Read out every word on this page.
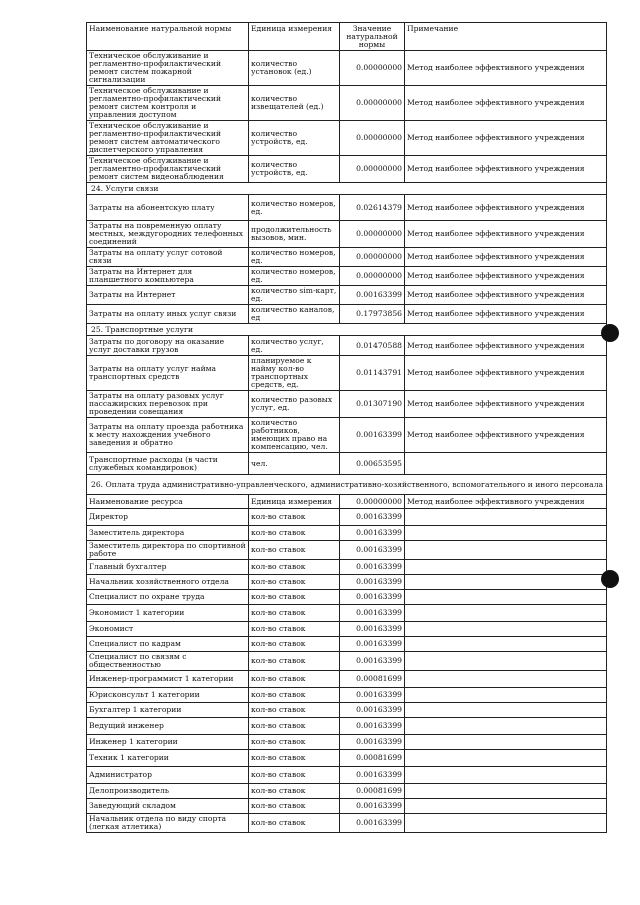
Наименование натуральной нормы	Единица измерения	Значение натуральной нормы	Примечание
Техническое обслуживание и регламентно-профилактический ремонт систем пожарной сигнализации	количество установок (ед.)	0.00000000	Метод наиболее эффективного учреждения
Техническое обслуживание и регламентно-профилактический ремонт систем контроля и управления доступом	количество извещателей (ед.)	0.00000000	Метод наиболее эффективного учреждения
Техническое обслуживание и регламентно-профилактический ремонт систем автоматического диспетчерского управления	количество устройств, ед.	0.00000000	Метод наиболее эффективного учреждения
Техническое обслуживание и регламентно-профилактический ремонт систем видеонаблюдения	количество устройств, ед.	0.00000000	Метод наиболее эффективного учреждения
24. Услуги связи			
Затраты на абонентскую плату	количество номеров, ед.	0.02614379	Метод наиболее эффективного учреждения
Затраты на повременную оплату местных, междугородних телефонных соединений	продолжительность вызовов, мин.	0.00000000	Метод наиболее эффективного учреждения
Затраты на оплату услуг сотовой связи	количество номеров, ед.	0.00000000	Метод наиболее эффективного учреждения
Затраты на Интернет для планшетного компьютера	количество номеров, ед.	0.00000000	Метод наиболее эффективного учреждения
Затраты на Интернет	количество sim-карт, ед.	0.00163399	Метод наиболее эффективного учреждения
Затраты на оплату иных услуг связи	количество каналов, ед	0.17973856	Метод наиболее эффективного учреждения
25. Транспортные услуги			
Затраты по договору на оказание услуг доставки грузов	количество услуг, ед.	0.01470588	Метод наиболее эффективного учреждения
Затраты на оплату услуг найма транспортных средств	планируемое к найму кол-во транспортных средств, ед.	0.01143791	Метод наиболее эффективного учреждения
Затраты на оплату разовых услуг пассажирских перевозок при проведении совещания	количество разовых услуг, ед.	0.01307190	Метод наиболее эффективного учреждения
Затраты на оплату проезда работника к месту нахождения учебного заведения и обратно	количество работников, имеющих право на компенсацию, чел.	0.00163399	Метод наиболее эффективного учреждения
Транспортные расходы (в части служебных командировок)	чел.	0.00653595	
26. Оплата труда административно-управленческого, административно-хозяйственного, вспомогательного и иного персонала			
Наименование ресурса	Единица измерения	0.00000000	Метод наиболее эффективного учреждения
Директор	кол-во ставок	0.00163399	
Заместитель директора	кол-во ставок	0.00163399	
Заместитель директора по спортивной работе	кол-во ставок	0.00163399	
Главный бухгалтер	кол-во ставок	0.00163399	
Начальник хозяйственного отдела	кол-во ставок	0.00163399	
Специалист по охране труда	кол-во ставок	0.00163399	
Экономист 1 категории	кол-во ставок	0.00163399	
Экономист	кол-во ставок	0.00163399	
Специалист по кадрам	кол-во ставок	0.00163399	
Специалист по связям с общественностью	кол-во ставок	0.00163399	
Инженер-программист 1 категории	кол-во ставок	0.00081699	
Юрисконсульт 1 категории	кол-во ставок	0.00163399	
Бухгалтер 1 категории	кол-во ставок	0.00163399	
Ведущий инженер	кол-во ставок	0.00163399	
Инженер 1 категории	кол-во ставок	0.00163399	
Техник 1 категории	кол-во ставок	0.00081699	
Администратор	кол-во ставок	0.00163399	
Делопроизводитель	кол-во ставок	0.00081699	
Заведующий складом	кол-во ставок	0.00163399	
Начальник отдела по виду спорта (легкая атлетика)	кол-во ставок	0.00163399	
